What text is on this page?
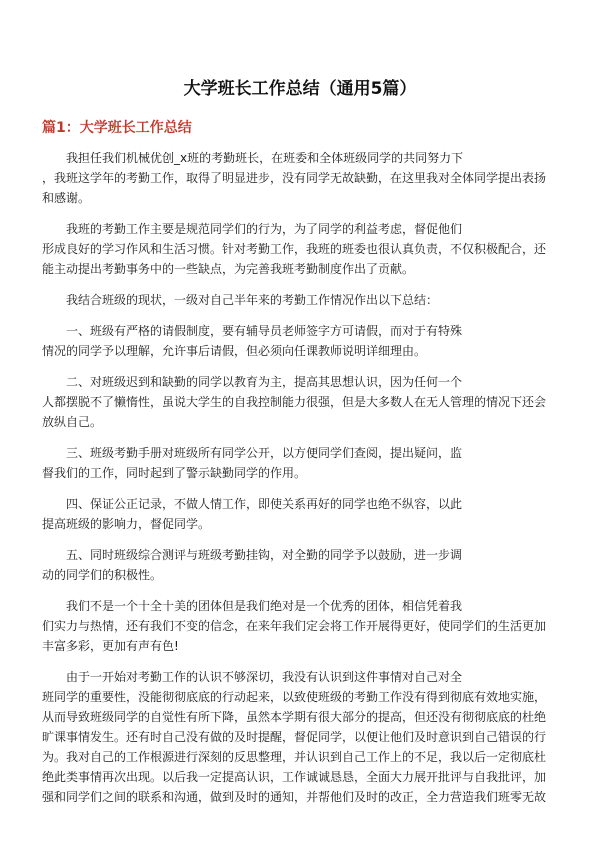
大学班长工作总结（通用5篇）
篇1：大学班长工作总结
　　我担任我们机械优创_x班的考勤班长，在班委和全体班级同学的共同努力下
，我班这学年的考勤工作，取得了明显进步，没有同学无故缺勤，在这里我对全体同学提出表扬
和感谢。
　　我班的考勤工作主要是规范同学们的行为，为了同学的利益考虑，督促他们
形成良好的学习作风和生活习惯。针对考勤工作，我班的班委也很认真负责，不仅积极配合，还
能主动提出考勤事务中的一些缺点，为完善我班考勤制度作出了贡献。
　　我结合班级的现状，一级对自己半年来的考勤工作情况作出以下总结：
　　一、班级有严格的请假制度，要有辅导员老师签字方可请假，而对于有特殊
情况的同学予以理解，允许事后请假，但必须向任课教师说明详细理由。
　　二、对班级迟到和缺勤的同学以教育为主，提高其思想认识，因为任何一个
人都摆脱不了懒惰性，虽说大学生的自我控制能力很强，但是大多数人在无人管理的情况下还会
放纵自己。
　　三、班级考勤手册对班级所有同学公开，以方便同学们查阅，提出疑问，监
督我们的工作，同时起到了警示缺勤同学的作用。
　　四、保证公正记录，不做人情工作，即使关系再好的同学也绝不纵容，以此
提高班级的影响力，督促同学。
　　五、同时班级综合测评与班级考勤挂钩，对全勤的同学予以鼓励，进一步调
动的同学们的积极性。
　　我们不是一个十全十美的团体但是我们绝对是一个优秀的团体，相信凭着我
们实力与热情，还有我们不变的信念，在来年我们定会将工作开展得更好，使同学们的生活更加
丰富多彩，更加有声有色!
　　由于一开始对考勤工作的认识不够深切，我没有认识到这件事情对自己对全
班同学的重要性，没能彻彻底底的行动起来，以致使班级的考勤工作没有得到彻底有效地实施，
从而导致班级同学的自觉性有所下降，虽然本学期有很大部分的提高，但还没有彻彻底底的杜绝
旷课事情发生。还有时自己没有做的及时提醒，督促同学，以便让他们及时意识到自己错误的行
为。我对自己的工作根源进行深刻的反思整理，并认识到自己工作上的不足，我以后一定彻底杜
绝此类事情再次出现。以后我一定提高认识，工作诚诚恳恳，全面大力展开批评与自我批评，加
强和同学们之间的联系和沟通，做到及时的通知，并帮他们及时的改正，全力营造我们班零无故
